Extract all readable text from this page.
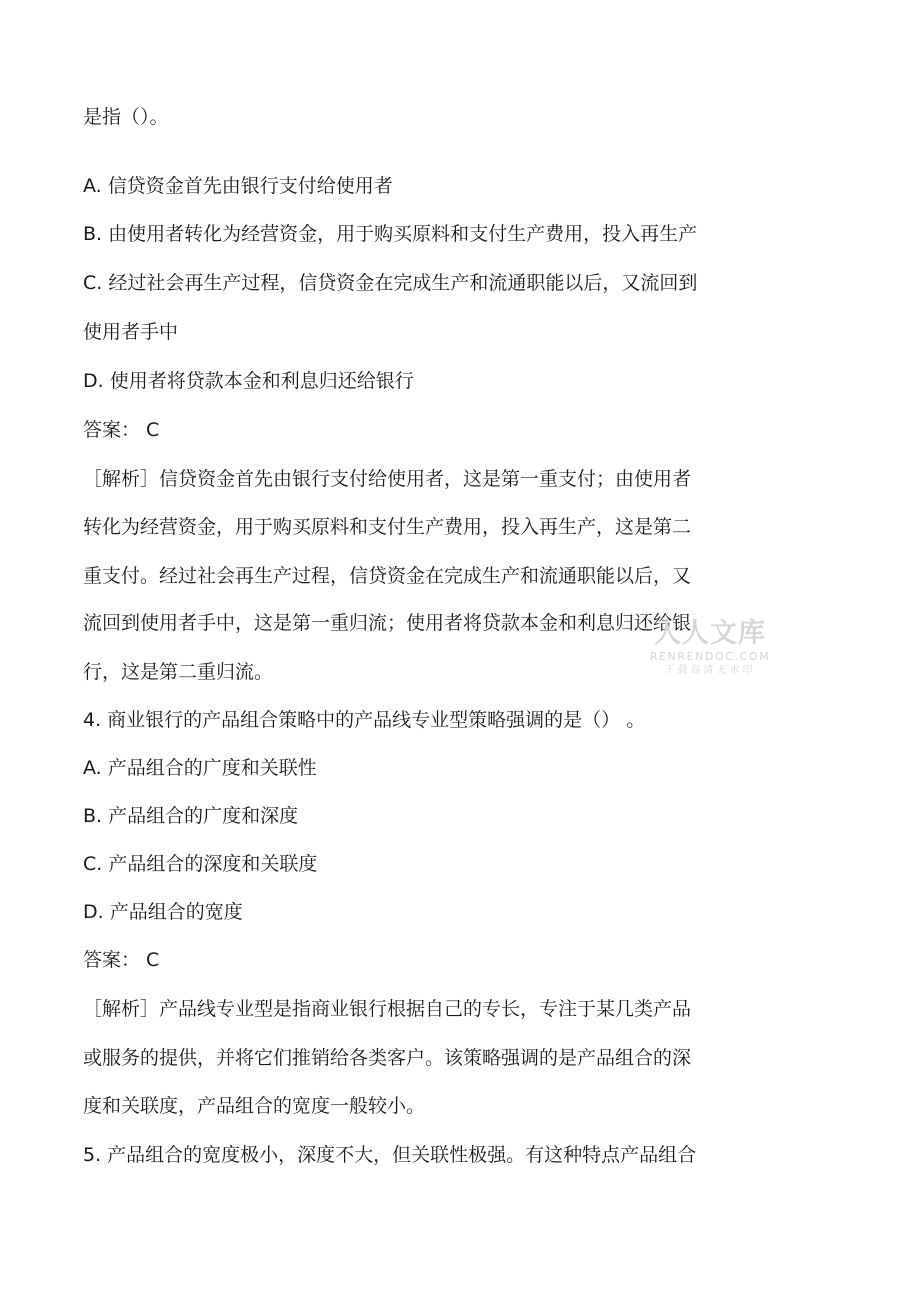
是指（）。
A. 信贷资金首先由银行支付给使用者
B. 由使用者转化为经营资金，用于购买原料和支付生产费用，投入再生产
C. 经过社会再生产过程，信贷资金在完成生产和流通职能以后，又流回到
使用者手中
D. 使用者将贷款本金和利息归还给银行
答案： C
［解析］信贷资金首先由银行支付给使用者，这是第一重支付；由使用者
转化为经营资金，用于购买原料和支付生产费用，投入再生产，这是第二
重支付。经过社会再生产过程，信贷资金在完成生产和流通职能以后，又
流回到使用者手中，这是第一重归流；使用者将贷款本金和利息归还给银
行，这是第二重归流。
4. 商业银行的产品组合策略中的产品线专业型策略强调的是（） 。
A. 产品组合的广度和关联性
B. 产品组合的广度和深度
C. 产品组合的深度和关联度
D. 产品组合的宽度
答案： C
［解析］产品线专业型是指商业银行根据自己的专长，专注于某几类产品
或服务的提供，并将它们推销给各类客户。该策略强调的是产品组合的深
度和关联度，产品组合的宽度一般较小。
5. 产品组合的宽度极小，深度不大，但关联性极强。有这种特点产品组合
人人文库
RENRENDOC.COM
下载高清无水印
